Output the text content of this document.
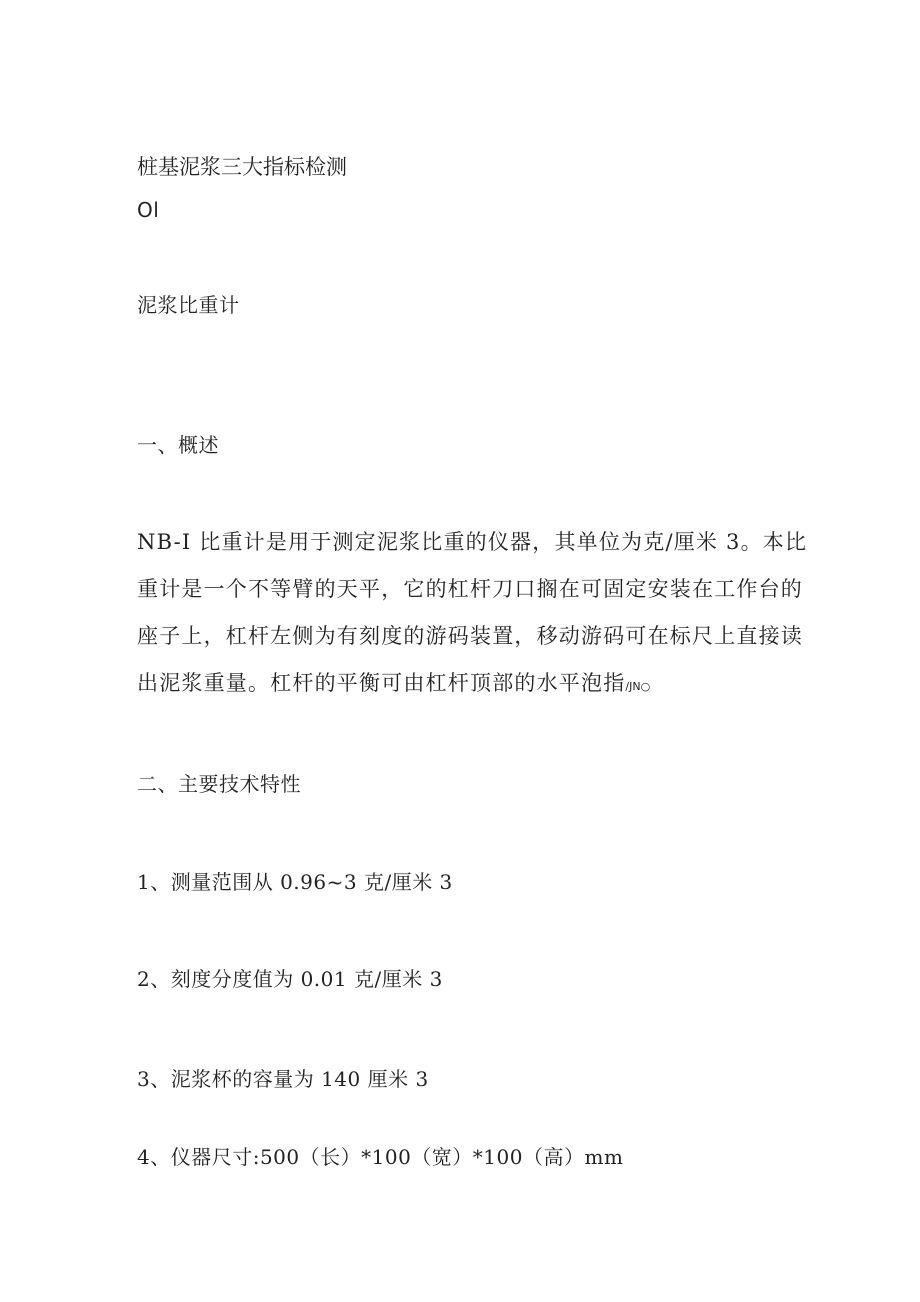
桩基泥浆三大指标检测
Ol
泥浆比重计
一、概述
NB-I 比重计是用于测定泥浆比重的仪器，其单位为克/厘米 3。本比
重计是一个不等臂的天平，它的杠杆刀口搁在可固定安装在工作台的
座子上，杠杆左侧为有刻度的游码装置，移动游码可在标尺上直接读
出泥浆重量。杠杆的平衡可由杠杆顶部的水平泡指/JN○
二、主要技术特性
1、测量范围从 0.96~3 克/厘米 3
2、刻度分度值为 0.01 克/厘米 3
3、泥浆杯的容量为 140 厘米 3
4、仪器尺寸:500（长）*100（宽）*100（高）mm
